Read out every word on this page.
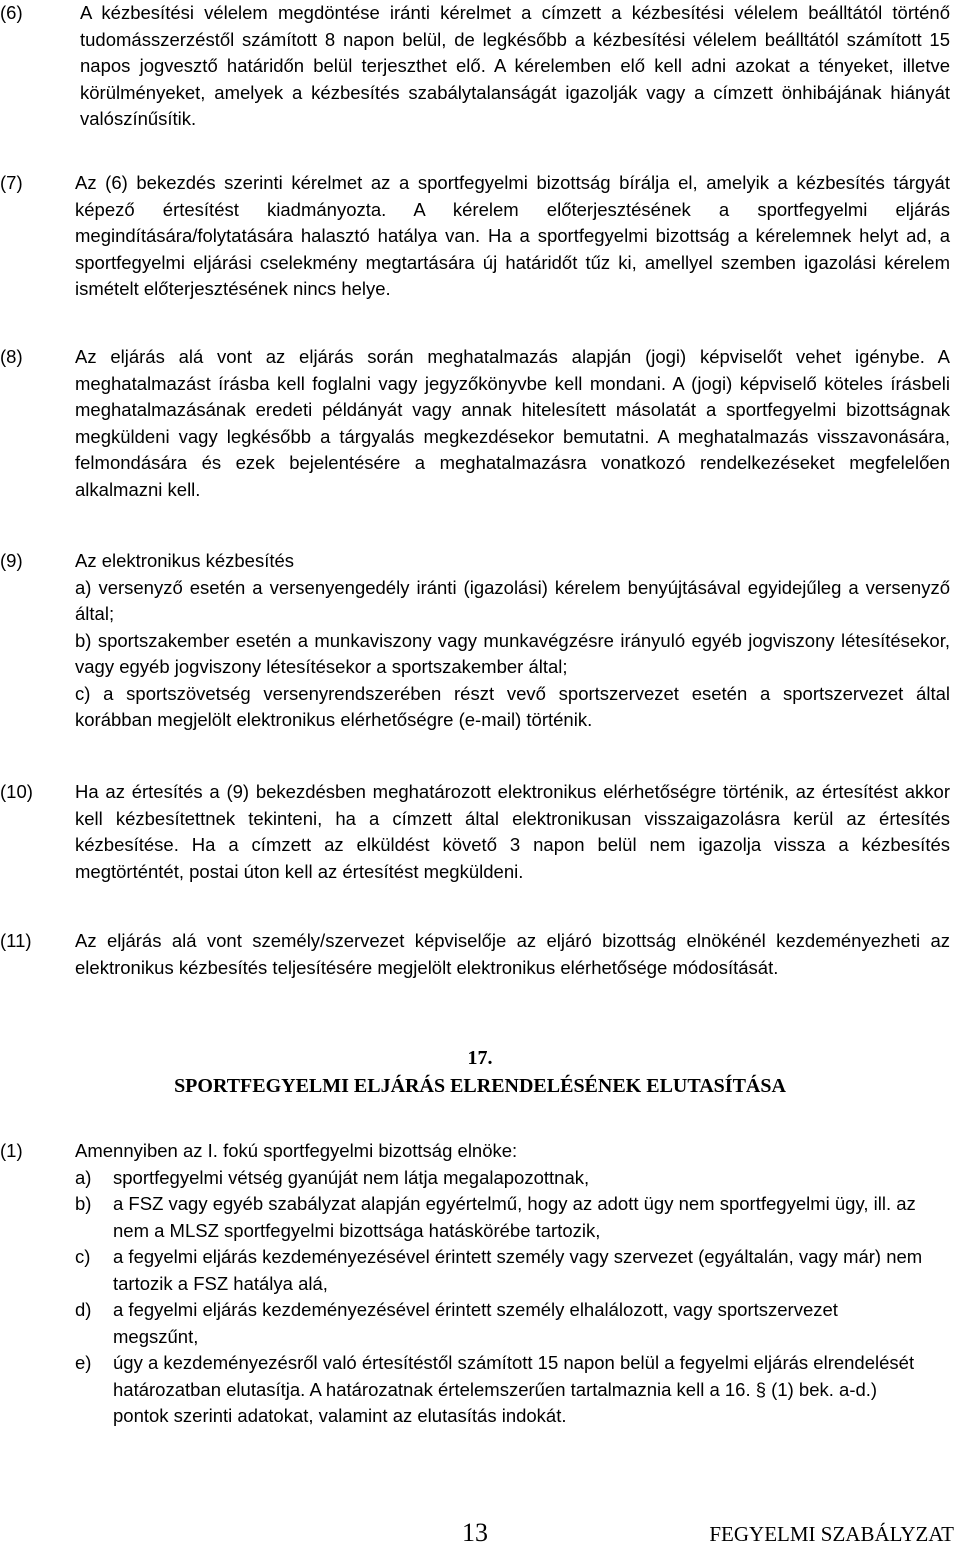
(6)	A kézbesítési vélelem megdöntése iránti kérelmet a címzett a kézbesítési vélelem beálltától történő tudomásszerzéstől számított 8 napon belül, de legkésőbb a kézbesítési vélelem beálltától számított 15 napos jogvesztő határidőn belül terjeszthet elő. A kérelemben elő kell adni azokat a tényeket, illetve körülményeket, amelyek a kézbesítés szabálytalanságát igazolják vagy a címzett önhibájának hiányát valószínűsítik.
(7)	Az (6) bekezdés szerinti kérelmet az a sportfegyelmi bizottság bírálja el, amelyik a kézbesítés tárgyát képező értesítést kiadmányozta. A kérelem előterjesztésének a sportfegyelmi eljárás megindítására/folytatására halasztó hatálya van. Ha a sportfegyelmi bizottság a kérelemnek helyt ad, a sportfegyelmi eljárási cselekmény megtartására új határidőt tűz ki, amellyel szemben igazolási kérelem ismételt előterjesztésének nincs helye.
(8)	Az eljárás alá vont az eljárás során meghatalmazás alapján (jogi) képviselőt vehet igénybe. A meghatalmazást írásba kell foglalni vagy jegyzőkönyvbe kell mondani. A (jogi) képviselő köteles írásbeli meghatalmazásának eredeti példányát vagy annak hitelesített másolatát a sportfegyelmi bizottságnak megküldeni vagy legkésőbb a tárgyalás megkezdésekor bemutatni. A meghatalmazás visszavonására, felmondására és ezek bejelentésére a meghatalmazásra vonatkozó rendelkezéseket megfelelően alkalmazni kell.
(9)	Az elektronikus kézbesítés
a) versenyző esetén a versenyengedély iránti (igazolási) kérelem benyújtásával egyidejűleg a versenyző által;
b) sportszakember esetén a munkaviszony vagy munkavégzésre irányuló egyéb jogviszony létesítésekor, vagy egyéb jogviszony létesítésekor a sportszakember által;
c) a sportszövetség versenyrendszerében részt vevő sportszervezet esetén a sportszervezet által korábban megjelölt elektronikus elérhetőségre (e-mail) történik.
(10) Ha az értesítés a (9) bekezdésben meghatározott elektronikus elérhetőségre történik, az értesítést akkor kell kézbesítettnek tekinteni, ha a címzett által elektronikusan visszaigazolásra kerül az értesítés kézbesítése. Ha a címzett az elküldést követő 3 napon belül nem igazolja vissza a kézbesítés megtörténtét, postai úton kell az értesítést megküldeni.
(11) Az eljárás alá vont személy/szervezet képviselője az eljáró bizottság elnökénél kezdeményezheti az elektronikus kézbesítés teljesítésére megjelölt elektronikus elérhetősége módosítását.
17.
SPORTFEGYELMI ELJÁRÁS ELRENDELÉSÉNEK ELUTASÍTÁSA
(1)	Amennyiben az I. fokú sportfegyelmi bizottság elnöke:
a) sportfegyelmi vétség gyanúját nem látja megalapozottnak,
b) a FSZ vagy egyéb szabályzat alapján egyértelmű, hogy az adott ügy nem sportfegyelmi ügy, ill. az nem a MLSZ sportfegyelmi bizottsága hatáskörébe tartozik,
c) a fegyelmi eljárás kezdeményezésével érintett személy vagy szervezet (egyáltalán, vagy már) nem tartozik a FSZ hatálya alá,
d) a fegyelmi eljárás kezdeményezésével érintett személy elhalálozott, vagy sportszervezet megszűnt,
e) úgy a kezdeményezésről való értesítéstől számított 15 napon belül a fegyelmi eljárás elrendelését határozatban elutasítja. A határozatnak értelemszerűen tartalmaznia kell a 16. § (1) bek. a-d.) pontok szerinti adatokat, valamint az elutasítás indokát.
13	FEGYELMI SZABÁLYZAT
